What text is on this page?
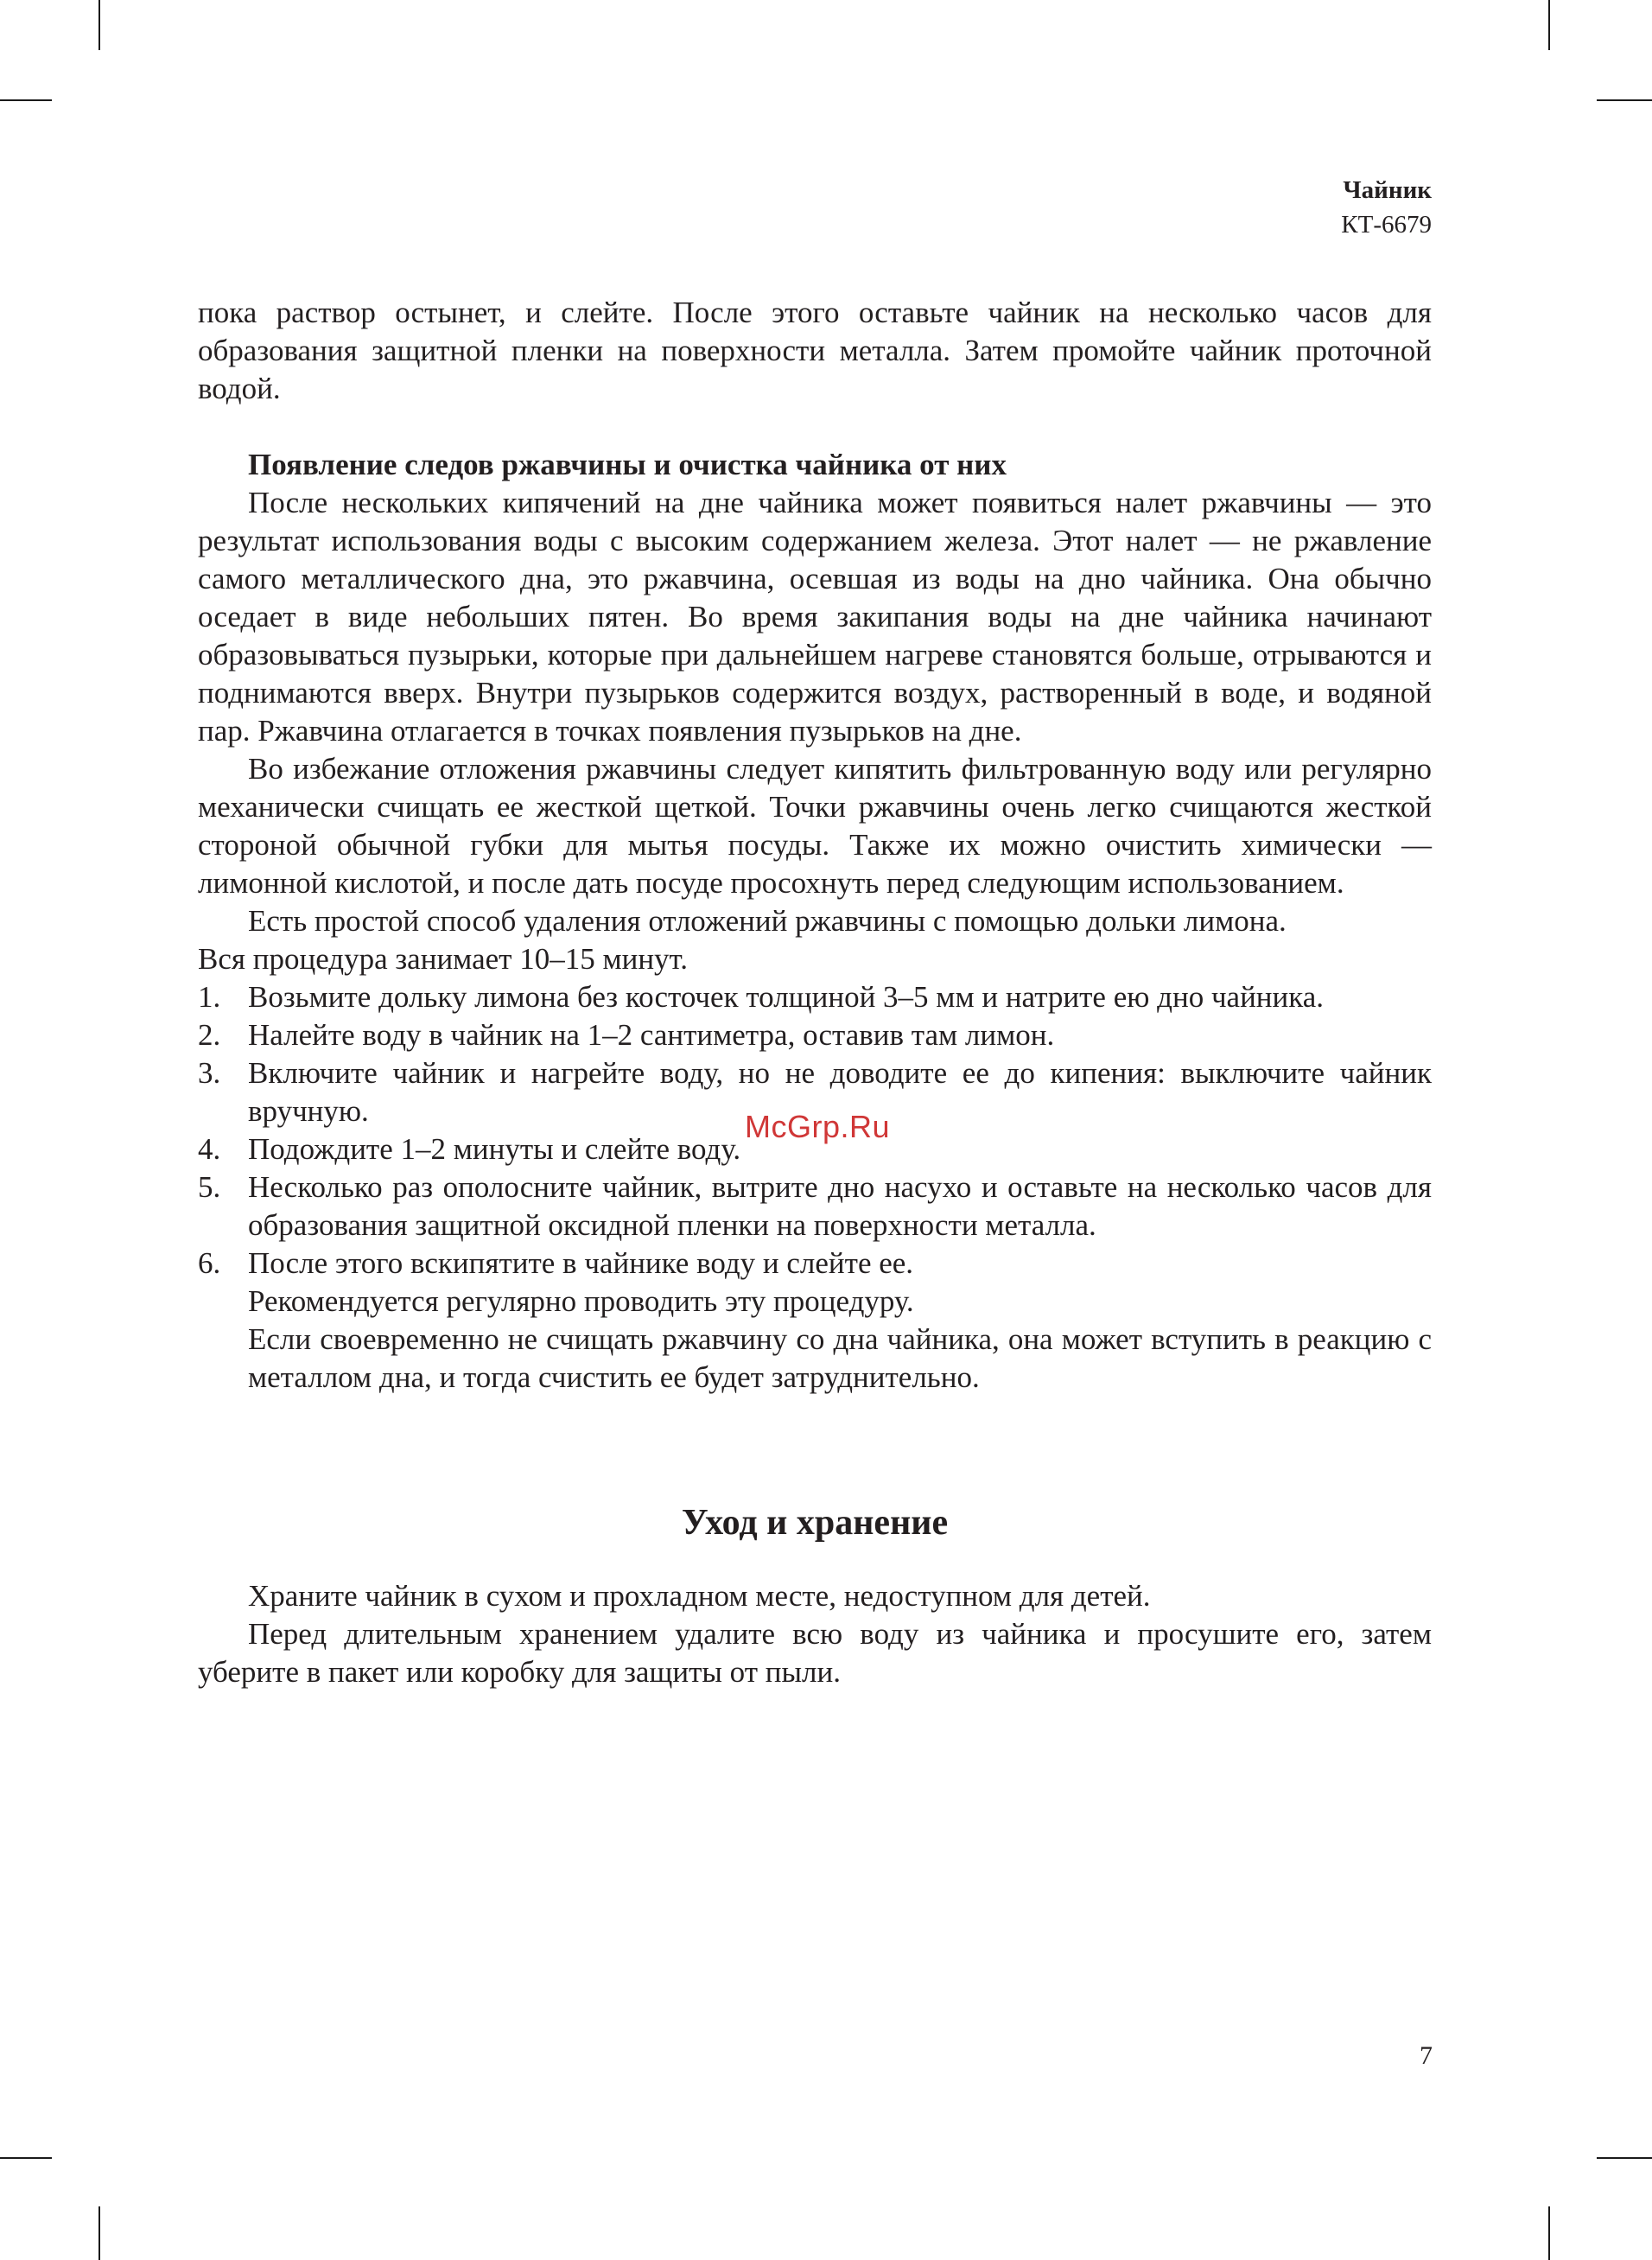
Чайник
КТ-6679

пока раствор остынет, и слейте. После этого оставьте чайник на несколько часов для образования защитной пленки на поверхности металла. Затем промойте чайник проточной водой.

Появление следов ржавчины и очистка чайника от них

После нескольких кипячений на дне чайника может появиться налет ржавчины — это результат использования воды с высоким содержанием железа. Этот налет — не ржавление самого металлического дна, это ржавчина, осевшая из воды на дно чайника. Она обычно оседает в виде небольших пятен. Во время закипания воды на дне чайника начинают образовываться пузырьки, которые при дальнейшем нагреве становятся больше, отрываются и поднимаются вверх. Внутри пузырьков содержится воздух, растворенный в воде, и водяной пар. Ржавчина отлагается в точках появления пузырьков на дне.

Во избежание отложения ржавчины следует кипятить фильтрованную воду или регулярно механически счищать ее жесткой щеткой. Точки ржавчины очень легко счищаются жесткой стороной обычной губки для мытья посуды. Также их можно очистить химически — лимонной кислотой, и после дать посуде просохнуть перед следующим использованием.

Есть простой способ удаления отложений ржавчины с помощью дольки лимона.

Вся процедура занимает 10–15 минут.

1. Возьмите дольку лимона без косточек толщиной 3–5 мм и натрите ею дно чайника.
2. Налейте воду в чайник на 1–2 сантиметра, оставив там лимон.
3. Включите чайник и нагрейте воду, но не доводите ее до кипения: выключите чайник вручную.
4. Подождите 1–2 минуты и слейте воду.
5. Несколько раз ополосните чайник, вытрите дно насухо и оставьте на несколько часов для образования защитной оксидной пленки на поверхности металла.
6. После этого вскипятите в чайнике воду и слейте ее.

Рекомендуется регулярно проводить эту процедуру.

Если своевременно не счищать ржавчину со дна чайника, она может вступить в реакцию с металлом дна, и тогда счистить ее будет затруднительно.

Уход и хранение

Храните чайник в сухом и прохладном месте, недоступном для детей.

Перед длительным хранением удалите всю воду из чайника и просушите его, затем уберите в пакет или коробку для защиты от пыли.

McGrp.Ru
7
